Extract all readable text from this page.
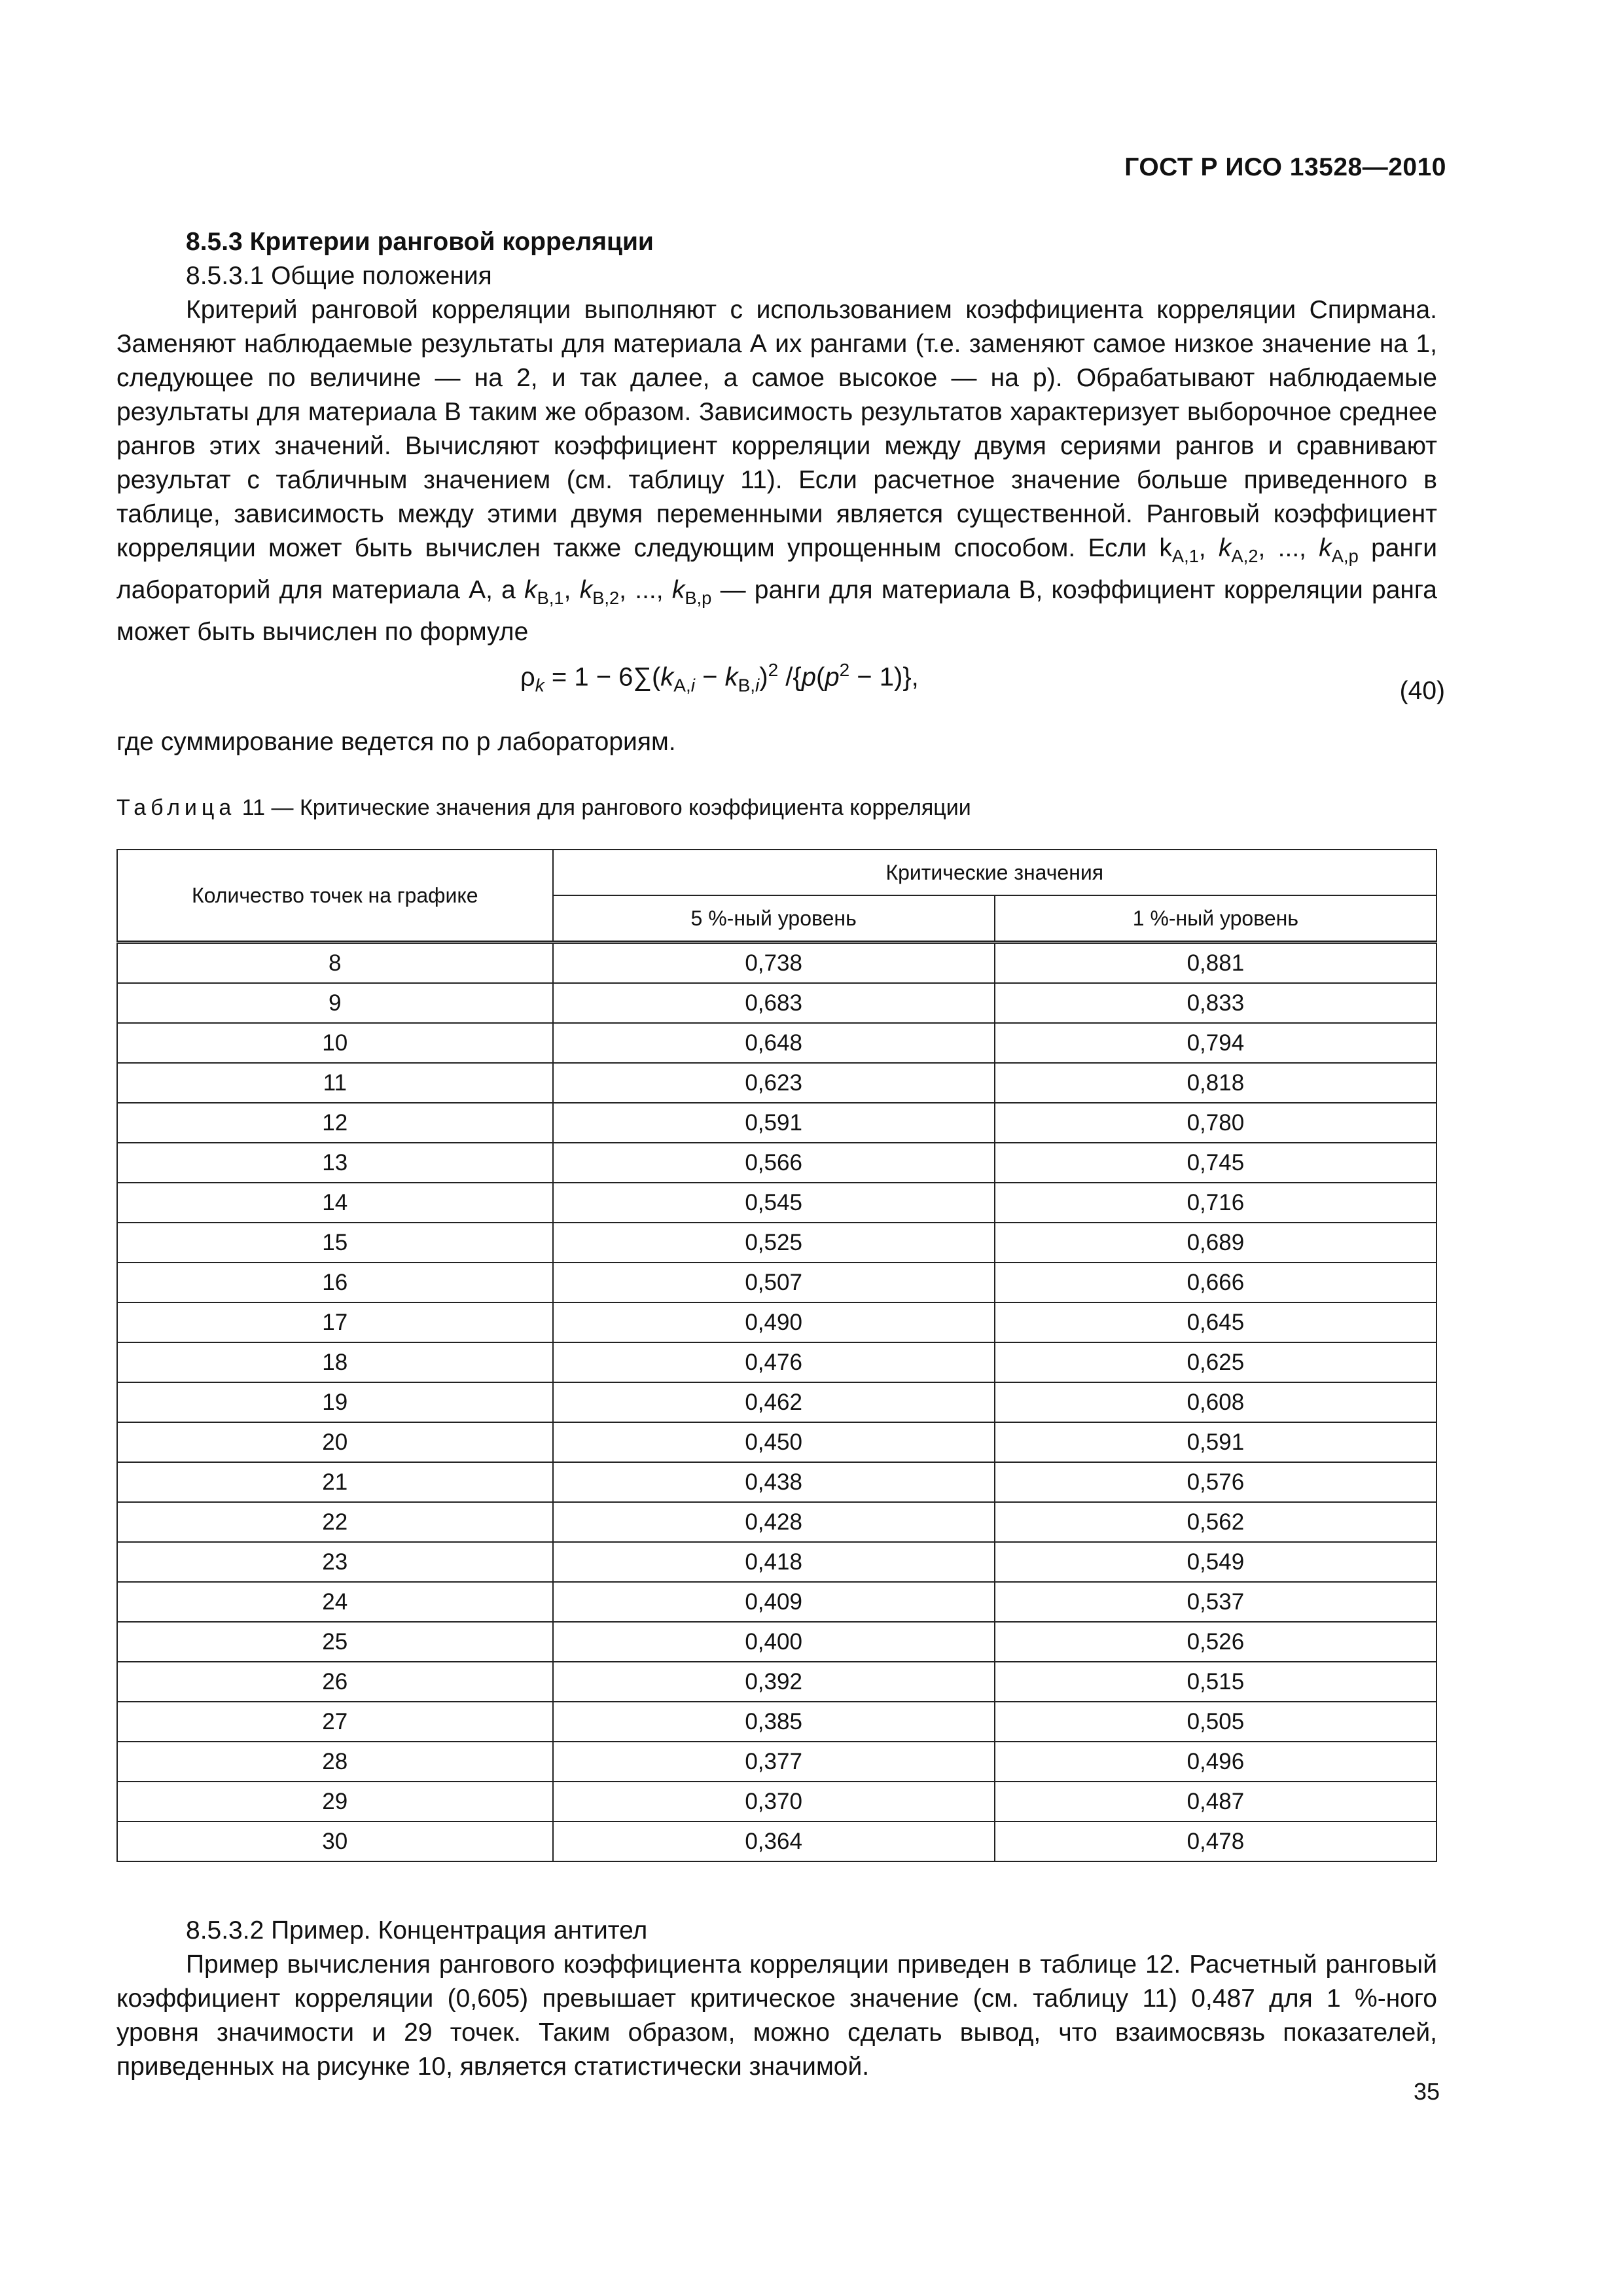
ГОСТ Р ИСО 13528—2010
8.5.3 Критерии ранговой корреляции
8.5.3.1 Общие положения
Критерий ранговой корреляции выполняют с использованием коэффициента корреляции Спирмана. Заменяют наблюдаемые результаты для материала А их рангами (т.е. заменяют самое низкое значение на 1, следующее по величине — на 2, и так далее, а самое высокое — на p). Обрабатывают наблюдаемые результаты для материала В таким же образом. Зависимость результатов характеризует выборочное среднее рангов этих значений. Вычисляют коэффициент корреляции между двумя сериями рангов и сравнивают результат с табличным значением (см. таблицу 11). Если расчетное значение больше приведенного в таблице, зависимость между этими двумя переменными является существенной. Ранговый коэффициент корреляции может быть вычислен также следующим упрощенным способом. Если $k_{A,1}$, $k_{A,2}$, ..., $k_{A,p}$ ранги лабораторий для материала А, а $k_{B,1}$, $k_{B,2}$, ..., $k_{B,p}$ — ранги для материала В, коэффициент корреляции ранга может быть вычислен по формуле
$\rho_k = 1 - 6\sum(k_{A,i} - k_{B,i})^2$ $/\{p(p^2 - 1)\}$,	(40)
где суммирование ведется по p лабораториям.
Таблица 11 — Критические значения для рангового коэффициента корреляции
Количество точек на графике	Критические значения	
	5 %-ный уровень	1 %-ный уровень
8	0,738	0,881
9	0,683	0,833
10	0,648	0,794
11	0,623	0,818
12	0,591	0,780
13	0,566	0,745
14	0,545	0,716
15	0,525	0,689
16	0,507	0,666
17	0,490	0,645
18	0,476	0,625
19	0,462	0,608
20	0,450	0,591
21	0,438	0,576
22	0,428	0,562
23	0,418	0,549
24	0,409	0,537
25	0,400	0,526
26	0,392	0,515
27	0,385	0,505
28	0,377	0,496
29	0,370	0,487
30	0,364	0,478
8.5.3.2 Пример. Концентрация антител
Пример вычисления рангового коэффициента корреляции приведен в таблице 12. Расчетный ранговый коэффициент корреляции (0,605) превышает критическое значение (см. таблицу 11) 0,487 для 1 %-ного уровня значимости и 29 точек. Таким образом, можно сделать вывод, что взаимосвязь показателей, приведенных на рисунке 10, является статистически значимой.
35
